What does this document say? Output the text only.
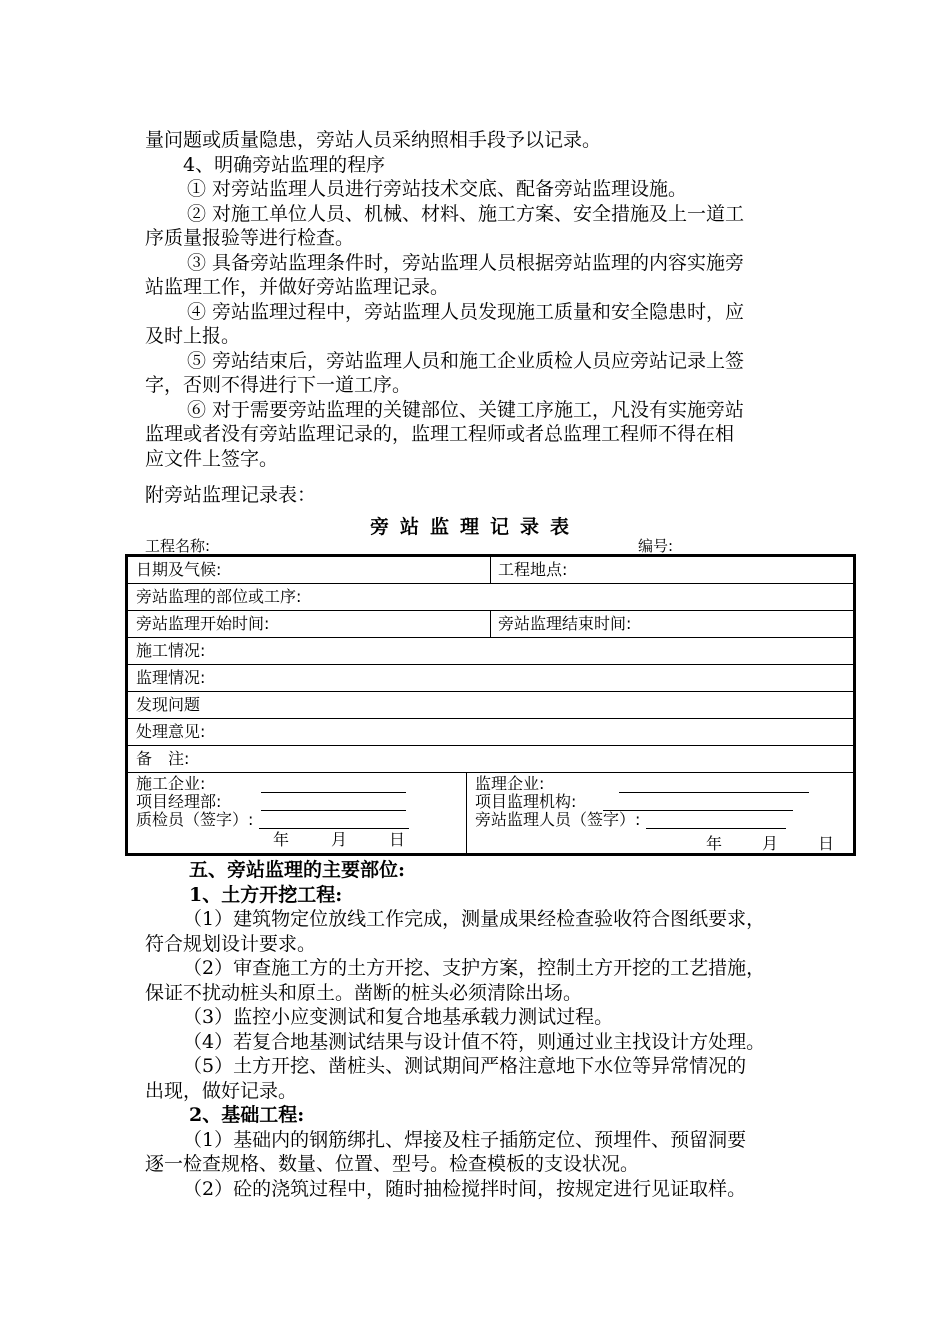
量问题或质量隐患，旁站人员采纳照相手段予以记录。
4、明确旁站监理的程序
① 对旁站监理人员进行旁站技术交底、配备旁站监理设施。
② 对施工单位人员、机械、材料、施工方案、安全措施及上一道工
序质量报验等进行检查。
③ 具备旁站监理条件时，旁站监理人员根据旁站监理的内容实施旁
站监理工作，并做好旁站监理记录。
④ 旁站监理过程中，旁站监理人员发现施工质量和安全隐患时，应
及时上报。
⑤ 旁站结束后，旁站监理人员和施工企业质检人员应旁站记录上签
字，否则不得进行下一道工序。
⑥ 对于需要旁站监理的关键部位、关键工序施工，凡没有实施旁站
监理或者没有旁站监理记录的，监理工程师或者总监理工程师不得在相
应文件上签字。
附旁站监理记录表：
旁站监理记录表
工程名称:	编号:
日期及气候:	工程地点:
旁站监理的部位或工序:
旁站监理开始时间:	旁站监理结束时间:
施工情况:
监理情况:
发现问题
处理意见:
备　注:
施工企业:
项目经理部:
质检员（签字）:
年	月	日
监理企业:
项目监理机构:
旁站监理人员（签字）:
年	月	日
五、旁站监理的主要部位:
1、土方开挖工程:
（1）建筑物定位放线工作完成，测量成果经检查验收符合图纸要求，
符合规划设计要求。
（2）审查施工方的土方开挖、支护方案，控制土方开挖的工艺措施，
保证不扰动桩头和原土。凿断的桩头必须清除出场。
（3）监控小应变测试和复合地基承载力测试过程。
（4）若复合地基测试结果与设计值不符，则通过业主找设计方处理。
（5）土方开挖、凿桩头、测试期间严格注意地下水位等异常情况的
出现，做好记录。
2、基础工程:
（1）基础内的钢筋绑扎、焊接及柱子插筋定位、预埋件、预留洞要
逐一检查规格、数量、位置、型号。检查模板的支设状况。
（2）砼的浇筑过程中，随时抽检搅拌时间，按规定进行见证取样。
